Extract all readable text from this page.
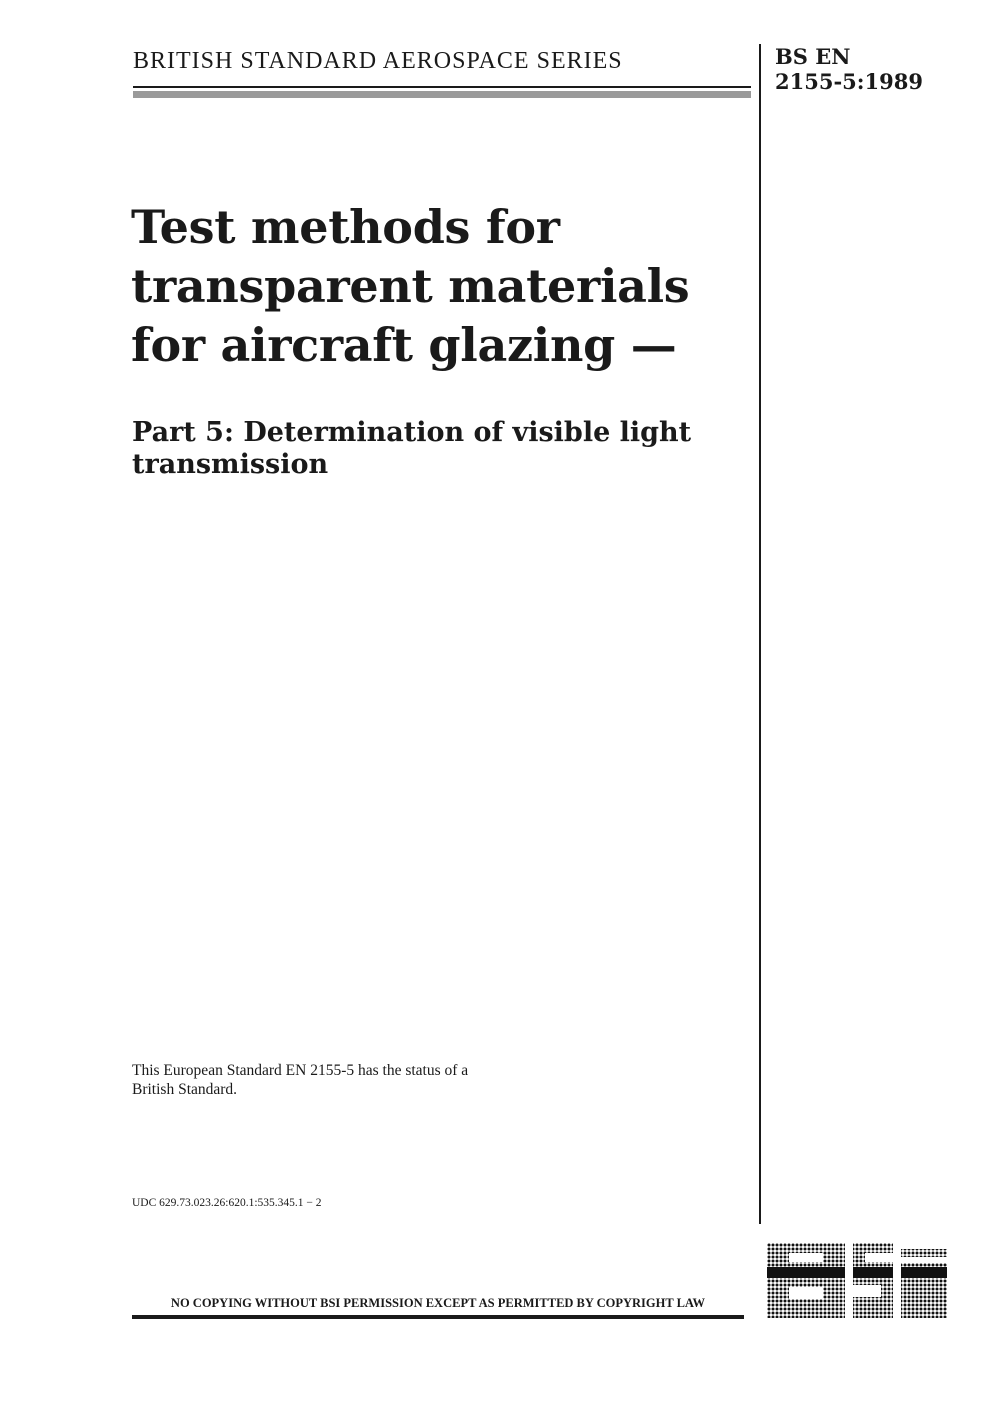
BRITISH STANDARD AEROSPACE SERIES	BS EN
2155-5:1989
Test methods for
transparent materials
for aircraft glazing —
Part 5: Determination of visible light
transmission
This European Standard EN 2155-5 has the status of a
British Standard.
UDC 629.73.023.26:620.1:535.345.1 − 2
NO COPYING WITHOUT BSI PERMISSION EXCEPT AS PERMITTED BY COPYRIGHT LAW
